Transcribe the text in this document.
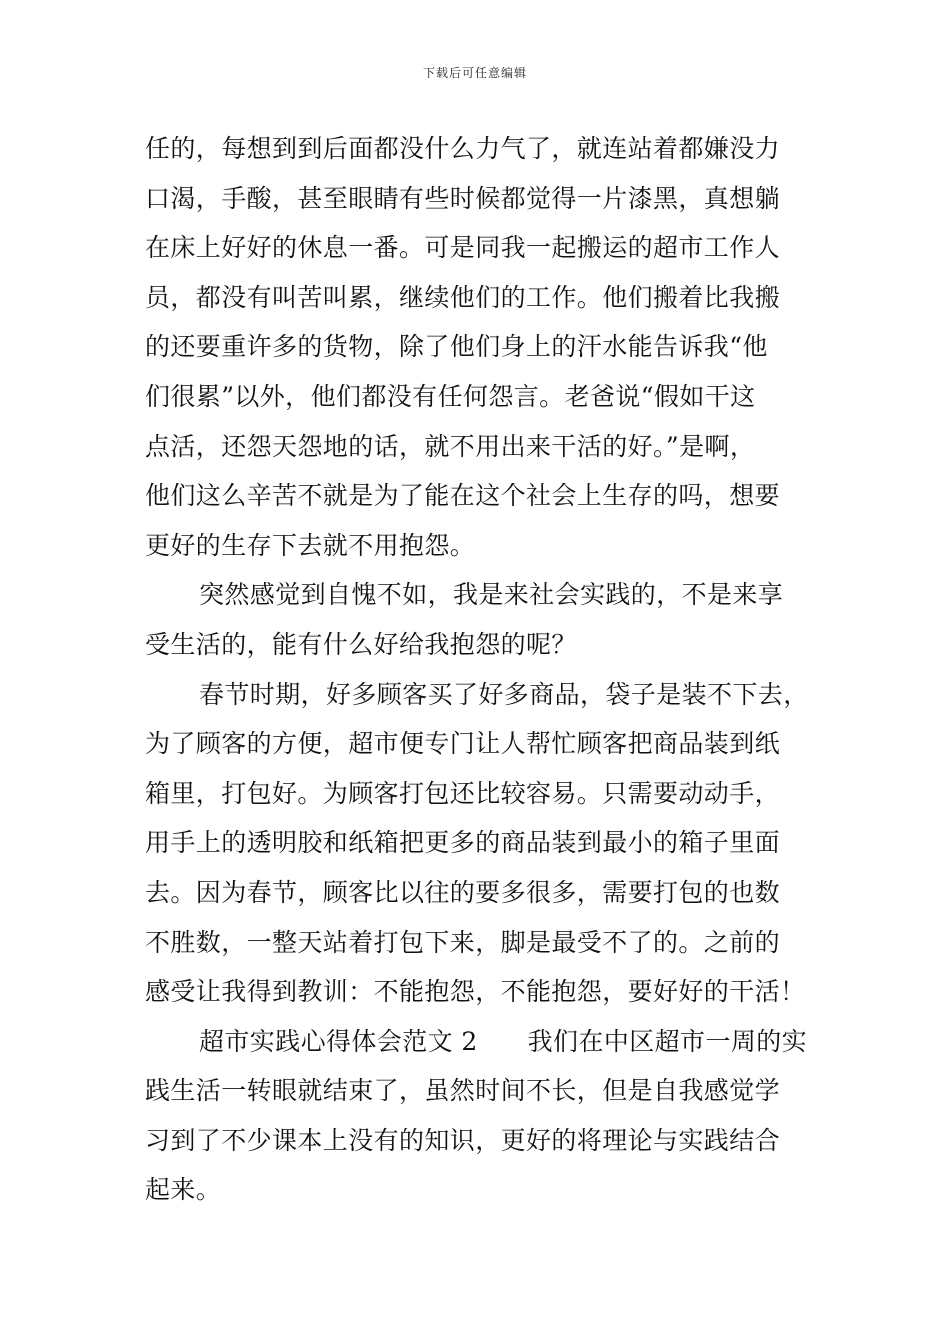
下载后可任意编辑
任的，每想到到后面都没什么力气了，就连站着都嫌没力
口渴，手酸，甚至眼睛有些时候都觉得一片漆黑，真想躺
在床上好好的休息一番。可是同我一起搬运的超市工作人
员，都没有叫苦叫累，继续他们的工作。他们搬着比我搬
的还要重许多的货物，除了他们身上的汗水能告诉我“他
们很累”以外，他们都没有任何怨言。老爸说“假如干这
点活，还怨天怨地的话，就不用出来干活的好。”是啊，
他们这么辛苦不就是为了能在这个社会上生存的吗，想要
更好的生存下去就不用抱怨。
突然感觉到自愧不如，我是来社会实践的，不是来享
受生活的，能有什么好给我抱怨的呢？
春节时期，好多顾客买了好多商品，袋子是装不下去，
为了顾客的方便，超市便专门让人帮忙顾客把商品装到纸
箱里，打包好。为顾客打包还比较容易。只需要动动手，
用手上的透明胶和纸箱把更多的商品装到最小的箱子里面
去。因为春节，顾客比以往的要多很多，需要打包的也数
不胜数，一整天站着打包下来，脚是最受不了的。之前的
感受让我得到教训：不能抱怨，不能抱怨，要好好的干活！
超市实践心得体会范文 2 我们在中区超市一周的实
践生活一转眼就结束了，虽然时间不长，但是自我感觉学
习到了不少课本上没有的知识，更好的将理论与实践结合
起来。
